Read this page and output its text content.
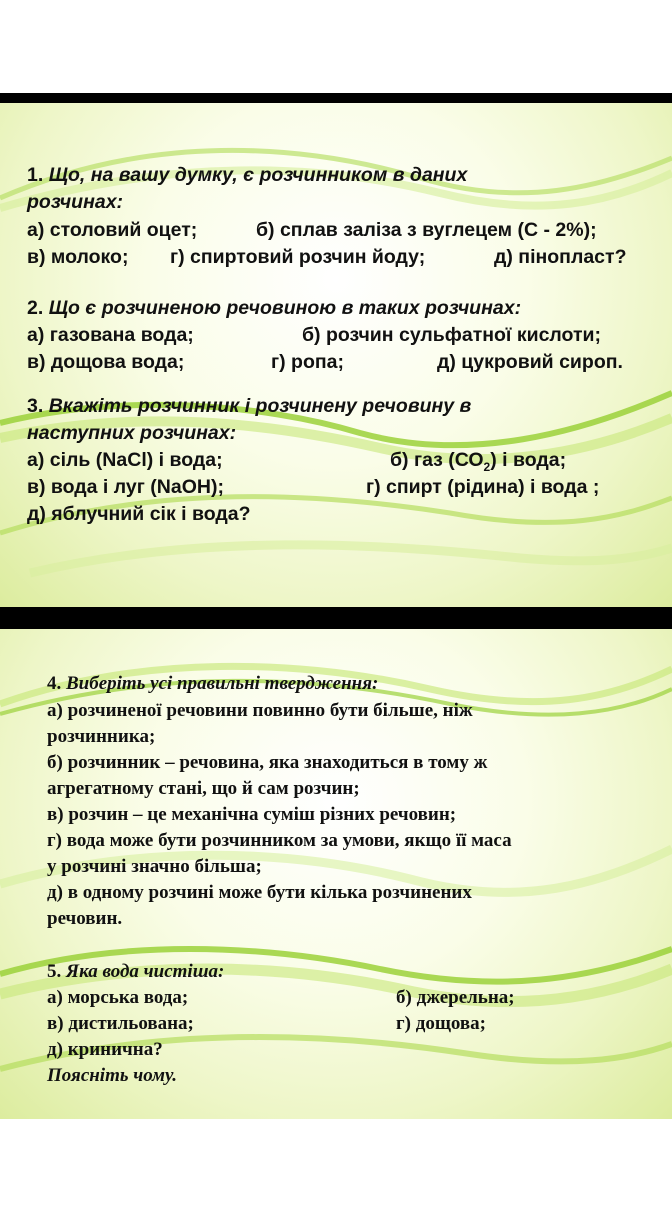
1. Що, на вашу думку, є розчинником в даних
розчинах:
а) столовий оцет;	б) сплав заліза з вуглецем (С - 2%);
в) молоко; г) спиртовий розчин йоду;	д) пінопласт?
2. Що є розчиненою речовиною в таких розчинах:
а) газована вода;	б) розчин сульфатної кислоти;
в) дощова вода;	г) ропа;	д) цукровий сироп.
3. Вкажіть розчинник і розчинену речовину в
наступних розчинах:
а) сіль (NaCl) і вода;	б) газ $(СО_2)$ і вода;
в) вода і луг (NaOH);	г) спирт (рідина) і вода ;
д) яблучний сік і вода?
4. Виберіть усі правильні твердження:
а) розчиненої речовини повинно бути більше, ніж
розчинника;
б) розчинник – речовина, яка знаходиться в тому ж
агрегатному стані, що й сам розчин;
в) розчин – це механічна суміш різних речовин;
г) вода може бути розчинником за умови, якщо її маса
у розчині значно більша;
д) в одному розчині може бути кілька розчинених
речовин.
5. Яка вода чистіша:
а) морська вода;	б) джерельна;
в) дистильована;	г) дощова;
д) кринична?
Поясніть чому.
